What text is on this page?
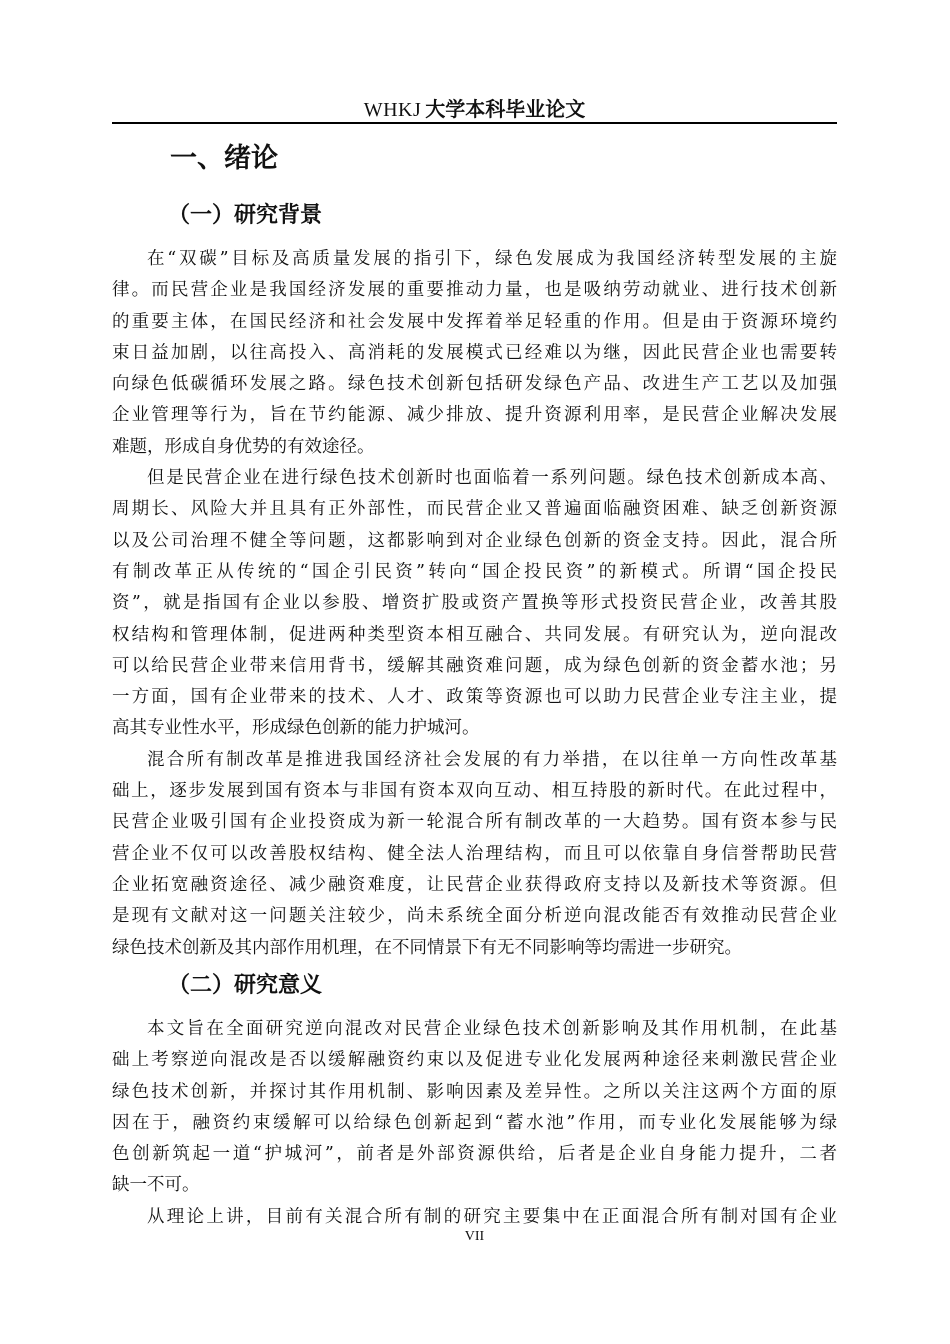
WHKJ 大学本科毕业论文
一、绪论
（一）研究背景
在“双碳”目标及高质量发展的指引下，绿色发展成为我国经济转型发展的主旋
律。而民营企业是我国经济发展的重要推动力量，也是吸纳劳动就业、进行技术创新
的重要主体，在国民经济和社会发展中发挥着举足轻重的作用。但是由于资源环境约
束日益加剧，以往高投入、高消耗的发展模式已经难以为继，因此民营企业也需要转
向绿色低碳循环发展之路。绿色技术创新包括研发绿色产品、改进生产工艺以及加强
企业管理等行为，旨在节约能源、减少排放、提升资源利用率，是民营企业解决发展
难题，形成自身优势的有效途径。
但是民营企业在进行绿色技术创新时也面临着一系列问题。绿色技术创新成本高、
周期长、风险大并且具有正外部性，而民营企业又普遍面临融资困难、缺乏创新资源
以及公司治理不健全等问题，这都影响到对企业绿色创新的资金支持。因此，混合所
有制改革正从传统的“国企引民资”转向“国企投民资”的新模式。所谓“国企投民
资”，就是指国有企业以参股、增资扩股或资产置换等形式投资民营企业，改善其股
权结构和管理体制，促进两种类型资本相互融合、共同发展。有研究认为，逆向混改
可以给民营企业带来信用背书，缓解其融资难问题，成为绿色创新的资金蓄水池；另
一方面，国有企业带来的技术、人才、政策等资源也可以助力民营企业专注主业，提
高其专业性水平，形成绿色创新的能力护城河。
混合所有制改革是推进我国经济社会发展的有力举措，在以往单一方向性改革基
础上，逐步发展到国有资本与非国有资本双向互动、相互持股的新时代。在此过程中，
民营企业吸引国有企业投资成为新一轮混合所有制改革的一大趋势。国有资本参与民
营企业不仅可以改善股权结构、健全法人治理结构，而且可以依靠自身信誉帮助民营
企业拓宽融资途径、减少融资难度，让民营企业获得政府支持以及新技术等资源。但
是现有文献对这一问题关注较少，尚未系统全面分析逆向混改能否有效推动民营企业
绿色技术创新及其内部作用机理，在不同情景下有无不同影响等均需进一步研究。
（二）研究意义
本文旨在全面研究逆向混改对民营企业绿色技术创新影响及其作用机制，在此基
础上考察逆向混改是否以缓解融资约束以及促进专业化发展两种途径来刺激民营企业
绿色技术创新，并探讨其作用机制、影响因素及差异性。之所以关注这两个方面的原
因在于，融资约束缓解可以给绿色创新起到“蓄水池”作用，而专业化发展能够为绿
色创新筑起一道“护城河”，前者是外部资源供给，后者是企业自身能力提升，二者
缺一不可。
从理论上讲，目前有关混合所有制的研究主要集中在正面混合所有制对国有企业
VII
